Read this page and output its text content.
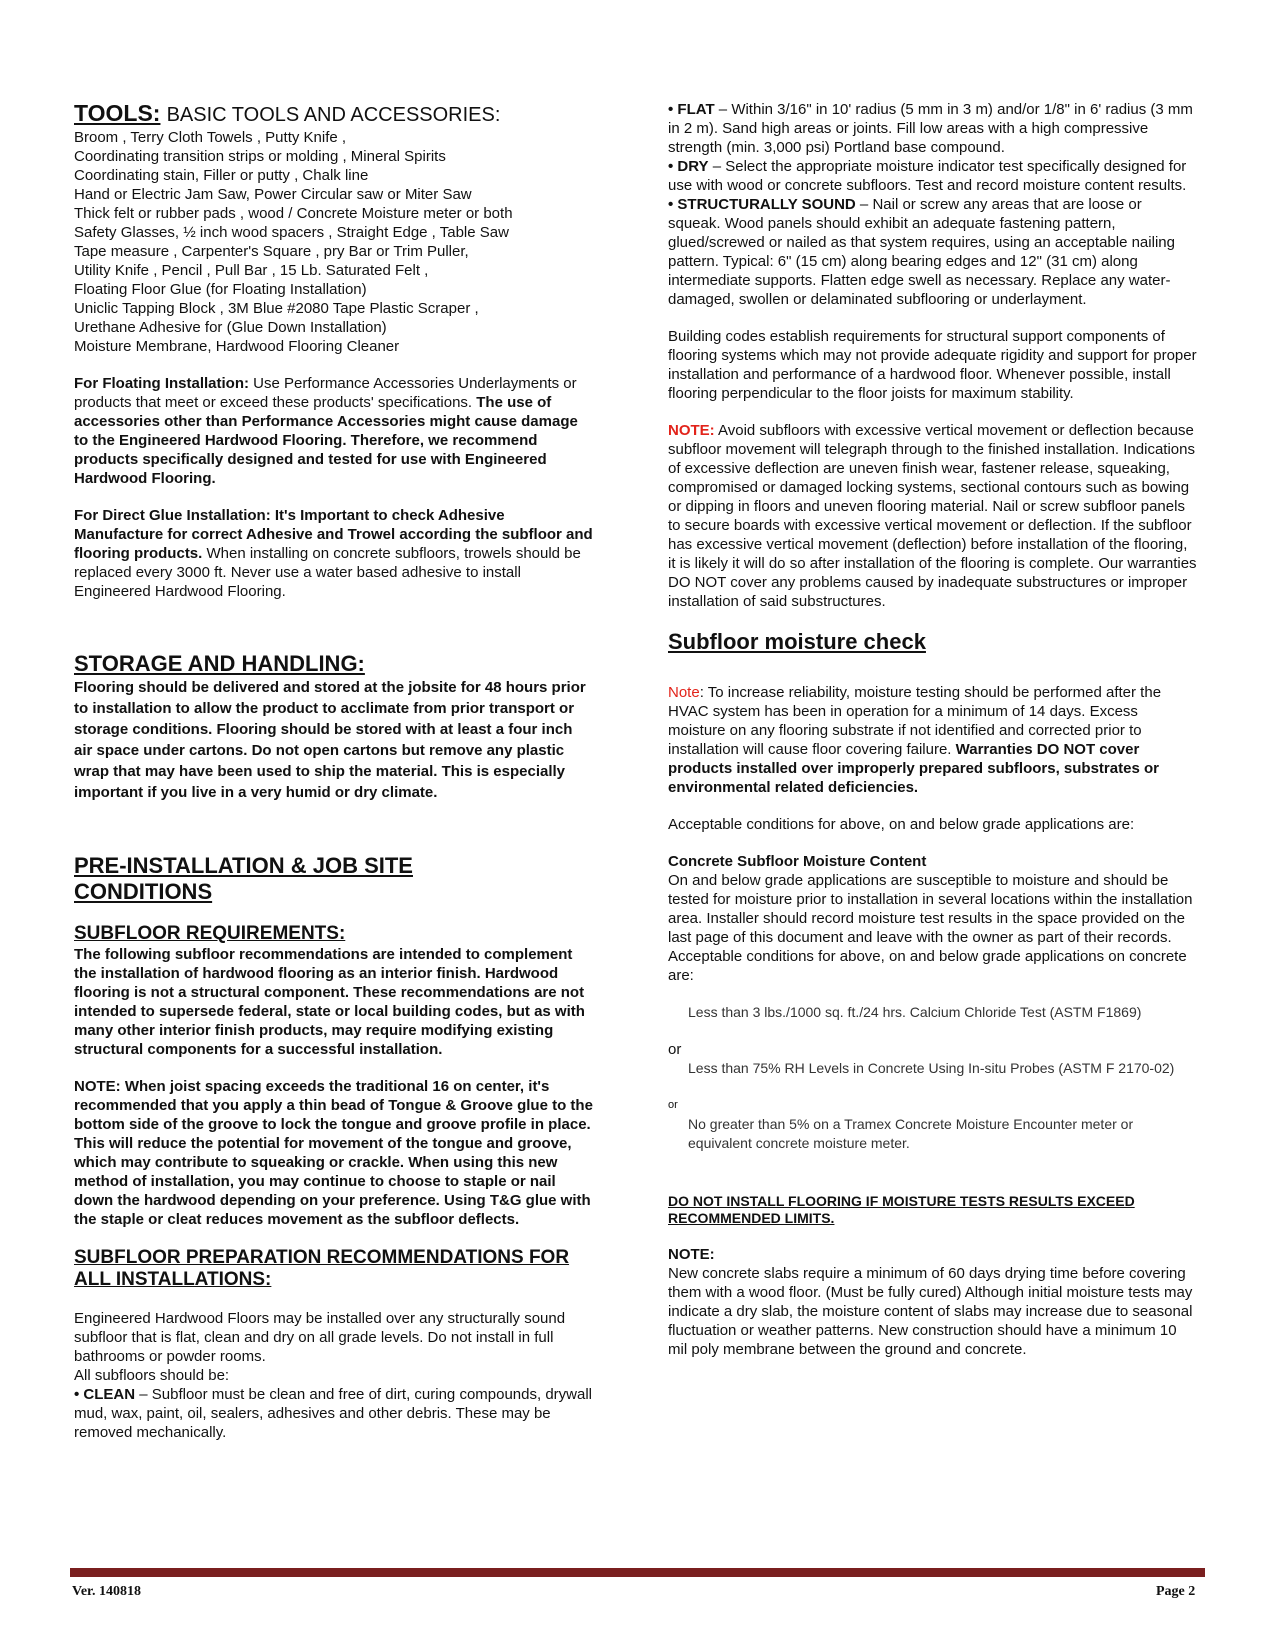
TOOLS: BASIC TOOLS AND ACCESSORIES:

Broom , Terry Cloth Towels , Putty Knife ,

Coordinating transition strips or molding , Mineral Spirits

Coordinating stain, Filler or putty , Chalk line

Hand or Electric Jam Saw, Power Circular saw or Miter Saw

Thick felt or rubber pads , wood / Concrete Moisture meter or both

Safety Glasses, ½ inch wood spacers , Straight Edge , Table Saw

Tape measure , Carpenter's Square , pry Bar or Trim Puller,

Utility Knife , Pencil , Pull Bar , 15 Lb. Saturated Felt ,

Floating Floor Glue (for Floating Installation)

Uniclic Tapping Block , 3M Blue #2080 Tape Plastic Scraper ,

Urethane Adhesive for (Glue Down Installation)

Moisture Membrane, Hardwood Flooring Cleaner

For Floating Installation: Use Performance Accessories Underlayments or products that meet or exceed these products' specifications. The use of accessories other than Performance Accessories might cause damage to the Engineered Hardwood Flooring. Therefore, we recommend products specifically designed and tested for use with Engineered Hardwood Flooring.

For Direct Glue Installation: It's Important to check Adhesive Manufacture for correct Adhesive and Trowel according the subfloor and flooring products. When installing on concrete subfloors, trowels should be replaced every 3000 ft. Never use a water based adhesive to install Engineered Hardwood Flooring.

STORAGE AND HANDLING:

Flooring should be delivered and stored at the jobsite for 48 hours prior to installation to allow the product to acclimate from prior transport or storage conditions. Flooring should be stored with at least a four inch air space under cartons. Do not open cartons but remove any plastic wrap that may have been used to ship the material. This is especially important if you live in a very humid or dry climate.

PRE-INSTALLATION & JOB SITE CONDITIONS

SUBFLOOR REQUIREMENTS:

The following subfloor recommendations are intended to complement the installation of hardwood flooring as an interior finish. Hardwood flooring is not a structural component. These recommendations are not intended to supersede federal, state or local building codes, but as with many other interior finish products, may require modifying existing structural components for a successful installation.

NOTE: When joist spacing exceeds the traditional 16 on center, it's recommended that you apply a thin bead of Tongue & Groove glue to the bottom side of the groove to lock the tongue and groove profile in place. This will reduce the potential for movement of the tongue and groove, which may contribute to squeaking or crackle. When using this new method of installation, you may continue to choose to staple or nail down the hardwood depending on your preference. Using T&G glue with the staple or cleat reduces movement as the subfloor deflects.

SUBFLOOR PREPARATION RECOMMENDATIONS FOR ALL INSTALLATIONS:

Engineered Hardwood Floors may be installed over any structurally sound subfloor that is flat, clean and dry on all grade levels. Do not install in full bathrooms or powder rooms.

All subfloors should be:

• CLEAN – Subfloor must be clean and free of dirt, curing compounds, drywall mud, wax, paint, oil, sealers, adhesives and other debris. These may be removed mechanically.

• FLAT – Within 3/16" in 10' radius (5 mm in 3 m) and/or 1/8" in 6' radius (3 mm in 2 m). Sand high areas or joints. Fill low areas with a high compressive strength (min. 3,000 psi) Portland base compound.

• DRY – Select the appropriate moisture indicator test specifically designed for use with wood or concrete subfloors. Test and record moisture content results.

• STRUCTURALLY SOUND – Nail or screw any areas that are loose or squeak. Wood panels should exhibit an adequate fastening pattern, glued/screwed or nailed as that system requires, using an acceptable nailing pattern. Typical: 6" (15 cm) along bearing edges and 12" (31 cm) along intermediate supports. Flatten edge swell as necessary. Replace any water-damaged, swollen or delaminated subflooring or underlayment.

Building codes establish requirements for structural support components of flooring systems which may not provide adequate rigidity and support for proper installation and performance of a hardwood floor. Whenever possible, install flooring perpendicular to the floor joists for maximum stability.

NOTE: Avoid subfloors with excessive vertical movement or deflection because subfloor movement will telegraph through to the finished installation. Indications of excessive deflection are uneven finish wear, fastener release, squeaking, compromised or damaged locking systems, sectional contours such as bowing or dipping in floors and uneven flooring material. Nail or screw subfloor panels to secure boards with excessive vertical movement or deflection. If the subfloor has excessive vertical movement (deflection) before installation of the flooring, it is likely it will do so after installation of the flooring is complete. Our warranties DO NOT cover any problems caused by inadequate substructures or improper installation of said substructures.

Subfloor moisture check

Note: To increase reliability, moisture testing should be performed after the HVAC system has been in operation for a minimum of 14 days. Excess moisture on any flooring substrate if not identified and corrected prior to installation will cause floor covering failure. Warranties DO NOT cover products installed over improperly prepared subfloors, substrates or environmental related deficiencies.

Acceptable conditions for above, on and below grade applications are:

Concrete Subfloor Moisture Content

On and below grade applications are susceptible to moisture and should be tested for moisture prior to installation in several locations within the installation area. Installer should record moisture test results in the space provided on the last page of this document and leave with the owner as part of their records. Acceptable conditions for above, on and below grade applications on concrete are:

Less than 3 lbs./1000 sq. ft./24 hrs. Calcium Chloride Test (ASTM F1869)

or

Less than 75% RH Levels in Concrete Using In-situ Probes (ASTM F 2170-02)

or

No greater than 5% on a Tramex Concrete Moisture Encounter meter or equivalent concrete moisture meter.

DO NOT INSTALL FLOORING IF MOISTURE TESTS RESULTS EXCEED RECOMMENDED LIMITS.

NOTE:

New concrete slabs require a minimum of 60 days drying time before covering them with a wood floor. (Must be fully cured) Although initial moisture tests may indicate a dry slab, the moisture content of slabs may increase due to seasonal fluctuation or weather patterns. New construction should have a minimum 10 mil poly membrane between the ground and concrete.

Ver. 140818	Page 2
